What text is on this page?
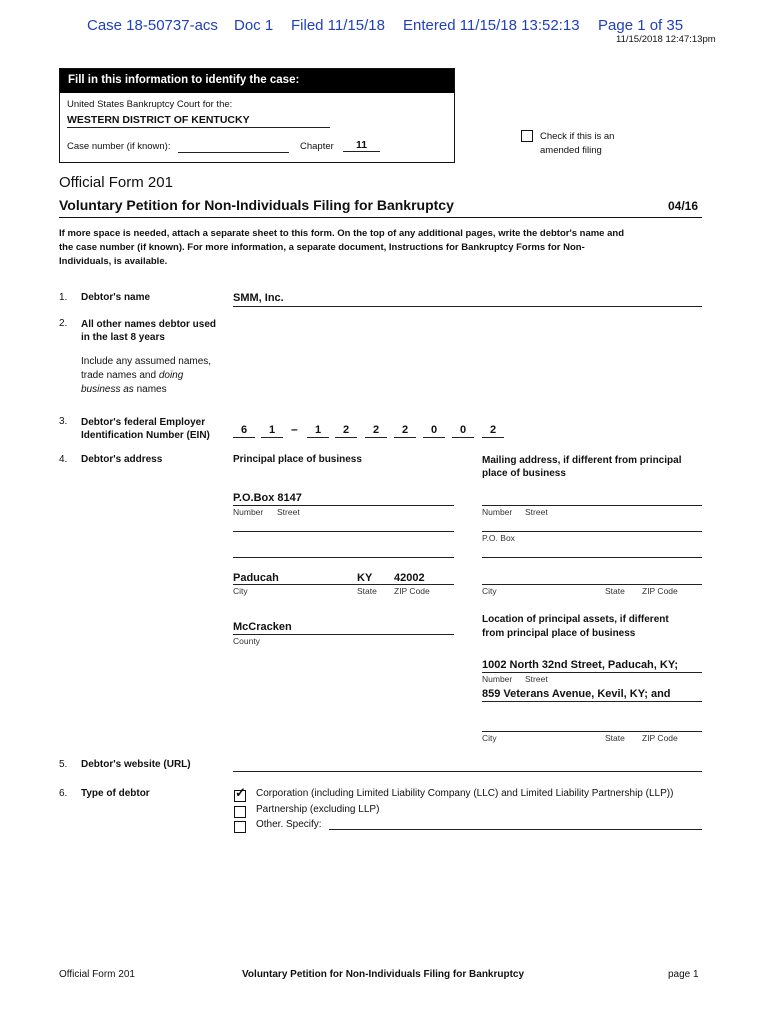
Case 18-50737-acs Doc 1 Filed 11/15/18 Entered 11/15/18 13:52:13 Page 1 of 35
11/15/2018 12:47:13pm
Fill in this information to identify the case:
United States Bankruptcy Court for the:
WESTERN DISTRICT OF KENTUCKY
Case number (if known):	Chapter	11
Check if this is an
amended filing
Official Form 201
Voluntary Petition for Non-Individuals Filing for Bankruptcy	04/16
If more space is needed, attach a separate sheet to this form. On the top of any additional pages, write the debtor's name and
the case number (if known). For more information, a separate document, Instructions for Bankruptcy Forms for Non-
Individuals, is available.
1. Debtor's name	SMM, Inc.
2. All other names debtor used
in the last 8 years
Include any assumed names,
trade names and doing
business as names
3. Debtor's federal Employer
Identification Number (EIN)	6	1	–	1	2	2	2	0	0	2
4. Debtor's address	Principal place of business	Mailing address, if different from principal
place of business
P.O.Box 8147
Number Street
Paducah	KY 42002
City	State ZIP Code
McCracken
County
Number Street
P.O. Box
City	State ZIP Code
Location of principal assets, if different
from principal place of business
1002 North 32nd Street, Paducah, KY;
Number Street
859 Veterans Avenue, Kevil, KY; and
City	State ZIP Code
5. Debtor's website (URL)
6. Type of debtor	✓ Corporation (including Limited Liability Company (LLC) and Limited Liability Partnership (LLP))
Partnership (excluding LLP)
Other. Specify:
Official Form 201	Voluntary Petition for Non-Individuals Filing for Bankruptcy	page 1
